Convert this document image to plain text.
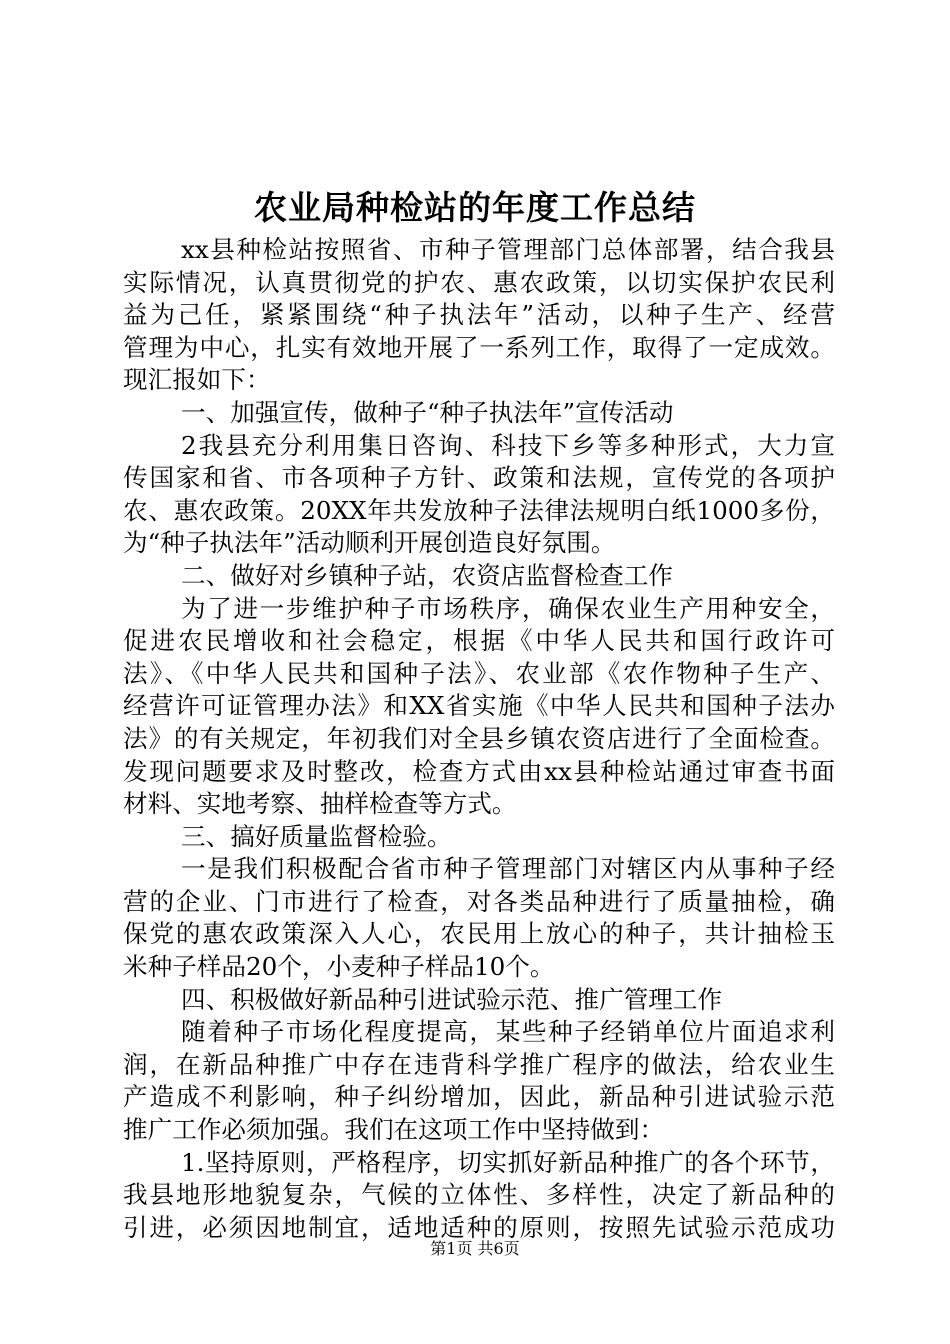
农业局种检站的年度工作总结
xx县种检站按照省、市种子管理部门总体部署，结合我县
实际情况，认真贯彻党的护农、惠农政策，以切实保护农民利
益为己任，紧紧围绕“种子执法年”活动，以种子生产、经营
管理为中心，扎实有效地开展了一系列工作，取得了一定成效。
现汇报如下：
一、加强宣传，做种子“种子执法年”宣传活动
2我县充分利用集日咨询、科技下乡等多种形式，大力宣
传国家和省、市各项种子方针、政策和法规，宣传党的各项护
农、惠农政策。20XX年共发放种子法律法规明白纸1000多份，
为“种子执法年”活动顺利开展创造良好氛围。
二、做好对乡镇种子站，农资店监督检查工作
为了进一步维护种子市场秩序，确保农业生产用种安全，
促进农民增收和社会稳定，根据《中华人民共和国行政许可
法》、《中华人民共和国种子法》、农业部《农作物种子生产、
经营许可证管理办法》和XX省实施《中华人民共和国种子法办
法》的有关规定，年初我们对全县乡镇农资店进行了全面检查。
发现问题要求及时整改，检查方式由xx县种检站通过审查书面
材料、实地考察、抽样检查等方式。
三、搞好质量监督检验。
一是我们积极配合省市种子管理部门对辖区内从事种子经
营的企业、门市进行了检查，对各类品种进行了质量抽检，确
保党的惠农政策深入人心，农民用上放心的种子，共计抽检玉
米种子样品20个，小麦种子样品10个。
四、积极做好新品种引进试验示范、推广管理工作
随着种子市场化程度提高，某些种子经销单位片面追求利
润，在新品种推广中存在违背科学推广程序的做法，给农业生
产造成不利影响，种子纠纷增加，因此，新品种引进试验示范
推广工作必须加强。我们在这项工作中坚持做到：
1.坚持原则，严格程序，切实抓好新品种推广的各个环节，
我县地形地貌复杂，气候的立体性、多样性，决定了新品种的
引进，必须因地制宜，适地适种的原则，按照先试验示范成功
第1页 共6页
